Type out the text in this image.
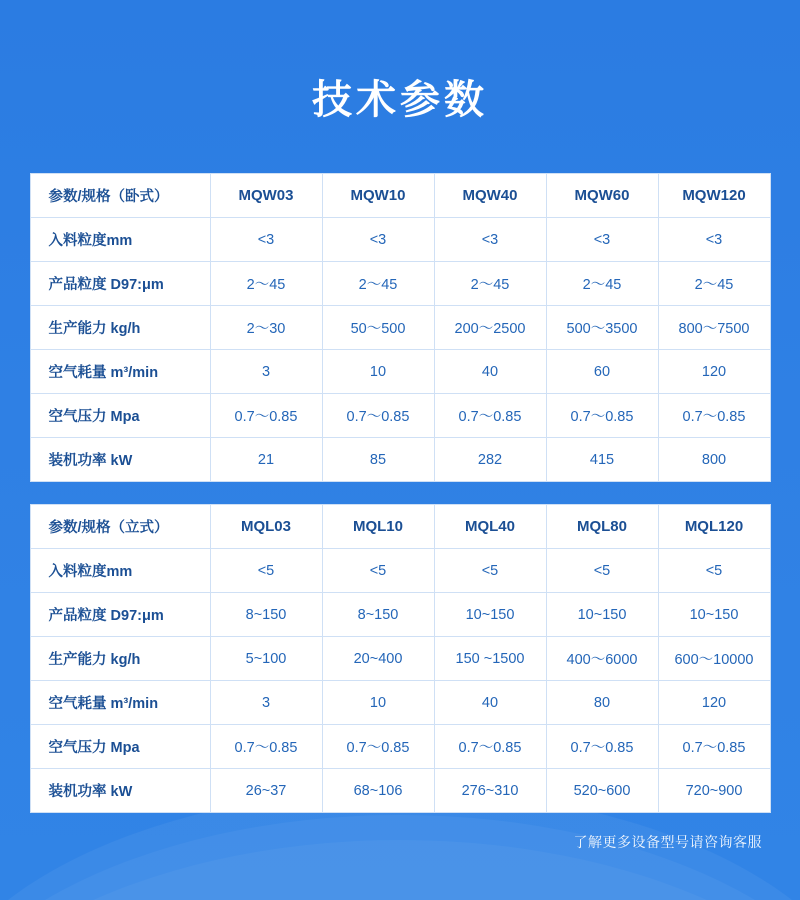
技术参数
参数/规格（卧式）	MQW03	MQW10	MQW40	MQW60	MQW120
入料粒度mm	<3	<3	<3	<3	<3
产品粒度 D97:μm	2～45	2～45	2～45	2～45	2～45
生产能力 kg/h	2～30	50～500	200～2500	500～3500	800～7500
空气耗量 m³/min	3	10	40	60	120
空气压力 Mpa	0.7～0.85	0.7～0.85	0.7～0.85	0.7～0.85	0.7～0.85
装机功率 kW	21	85	282	415	800
参数/规格（立式）	MQL03	MQL10	MQL40	MQL80	MQL120
入料粒度mm	<5	<5	<5	<5	<5
产品粒度 D97:μm	8~150	8~150	10~150	10~150	10~150
生产能力 kg/h	5~100	20~400	150 ~1500	400～6000	600～10000
空气耗量 m³/min	3	10	40	80	120
空气压力 Mpa	0.7～0.85	0.7～0.85	0.7～0.85	0.7～0.85	0.7～0.85
装机功率 kW	26~37	68~106	276~310	520~600	720~900
了解更多设备型号请咨询客服
